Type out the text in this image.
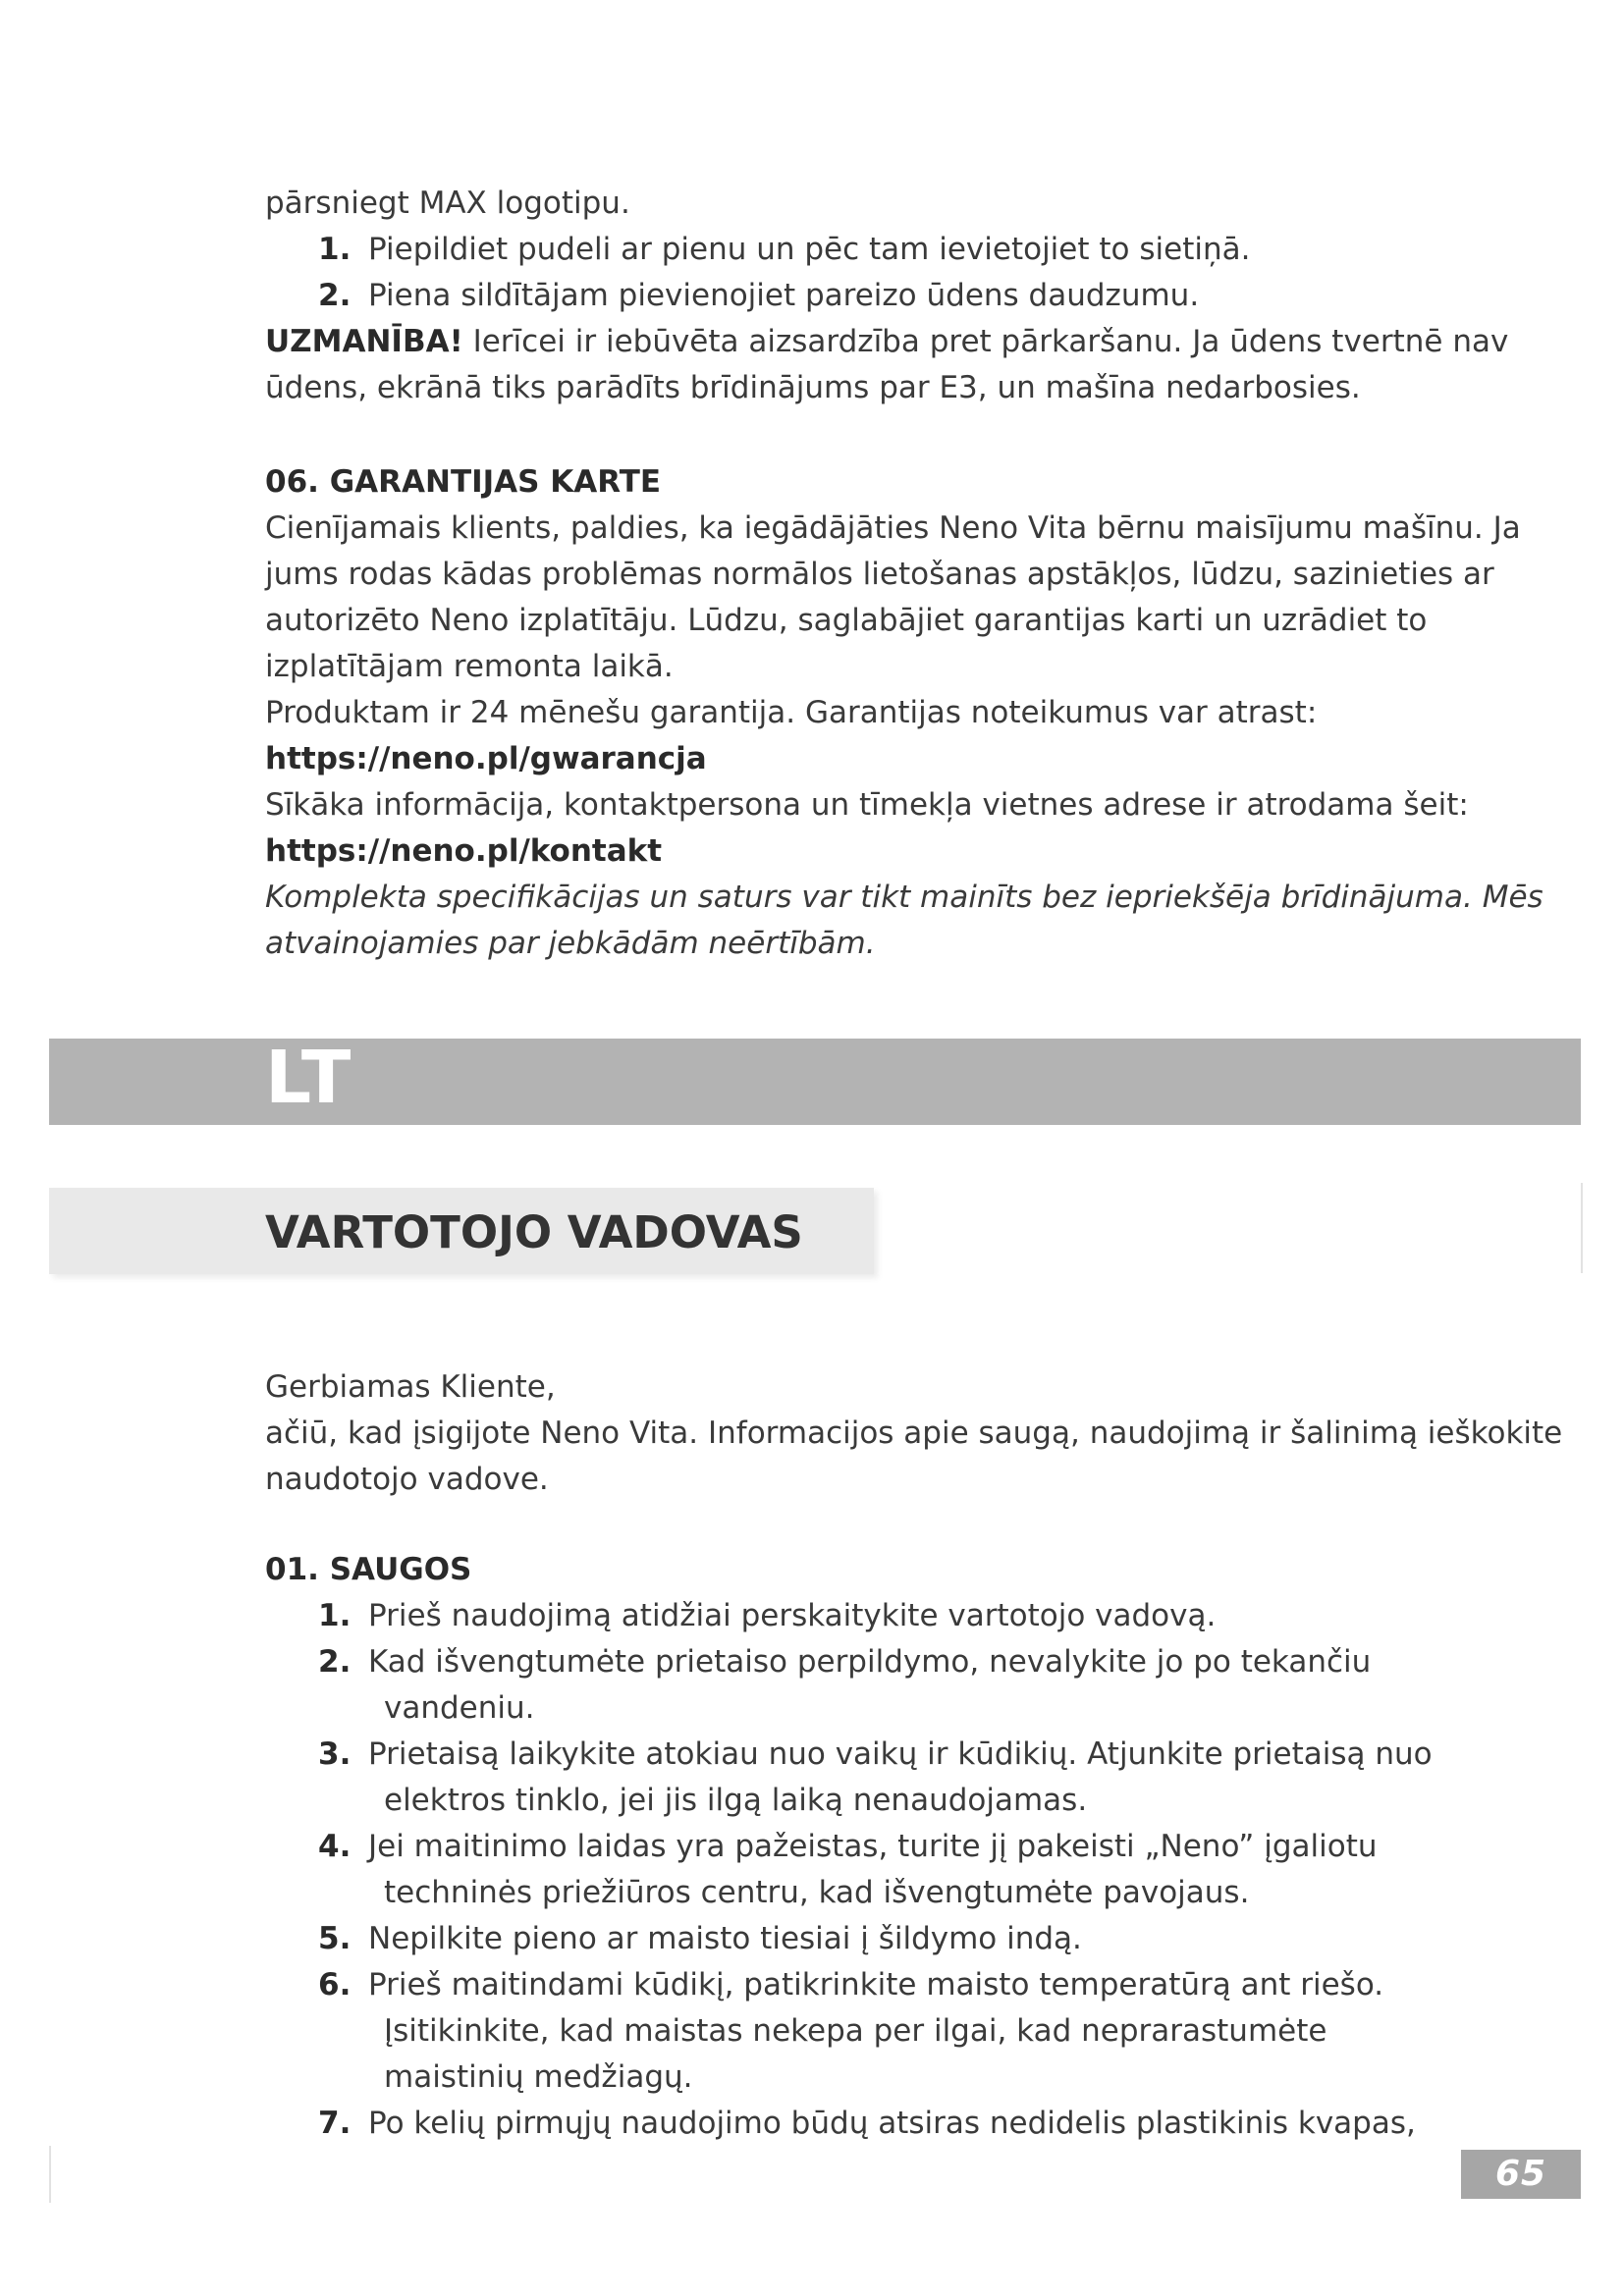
pārsniegt MAX logotipu.

1. Piepildiet pudeli ar pienu un pēc tam ievietojiet to sietiņā.
2. Piena sildītājam pievienojiet pareizo ūdens daudzumu.

UZMANĪBA! Ierīcei ir iebūvēta aizsardzība pret pārkaršanu. Ja ūdens tvertnē nav ūdens, ekrānā tiks parādīts brīdinājums par E3, un mašīna nedarbosies.

06. GARANTIJAS KARTE

Cienījamais klients, paldies, ka iegādājāties Neno Vita bērnu maisījumu mašīnu. Ja jums rodas kādas problēmas normālos lietošanas apstākļos, lūdzu, sazinieties ar autorizēto Neno izplatītāju. Lūdzu, saglabājiet garantijas karti un uzrādiet to izplatītājam remonta laikā.

Produktam ir 24 mēnešu garantija. Garantijas noteikumus var atrast: https://neno.pl/gwarancja

Sīkāka informācija, kontaktpersona un tīmekļa vietnes adrese ir atrodama šeit:

https://neno.pl/kontakt

Komplekta specifikācijas un saturs var tikt mainīts bez iepriekšēja brīdinājuma. Mēs atvainojamies par jebkādām neērtībām.

LT
VARTOTOJO VADOVAS

Gerbiamas Kliente,

ačiū, kad įsigijote Neno Vita. Informacijos apie saugą, naudojimą ir šalinimą ieškokite naudotojo vadove.

01. SAUGOS

1. Prieš naudojimą atidžiai perskaitykite vartotojo vadovą.
2. Kad išvengtumėte prietaiso perpildymo, nevalykite jo po tekančiu
vandeniu.
3. Prietaisą laikykite atokiau nuo vaikų ir kūdikių. Atjunkite prietaisą nuo
elektros tinklo, jei jis ilgą laiką nenaudojamas.
4. Jei maitinimo laidas yra pažeistas, turite jį pakeisti „Neno” įgaliotu
techninės priežiūros centru, kad išvengtumėte pavojaus.
5. Nepilkite pieno ar maisto tiesiai į šildymo indą.
6. Prieš maitindami kūdikį, patikrinkite maisto temperatūrą ant riešo.
Įsitikinkite, kad maistas nekepa per ilgai, kad neprarastumėte maistinių medžiagų.
7. Po kelių pirmųjų naudojimo būdų atsiras nedidelis plastikinis kvapas,
65
